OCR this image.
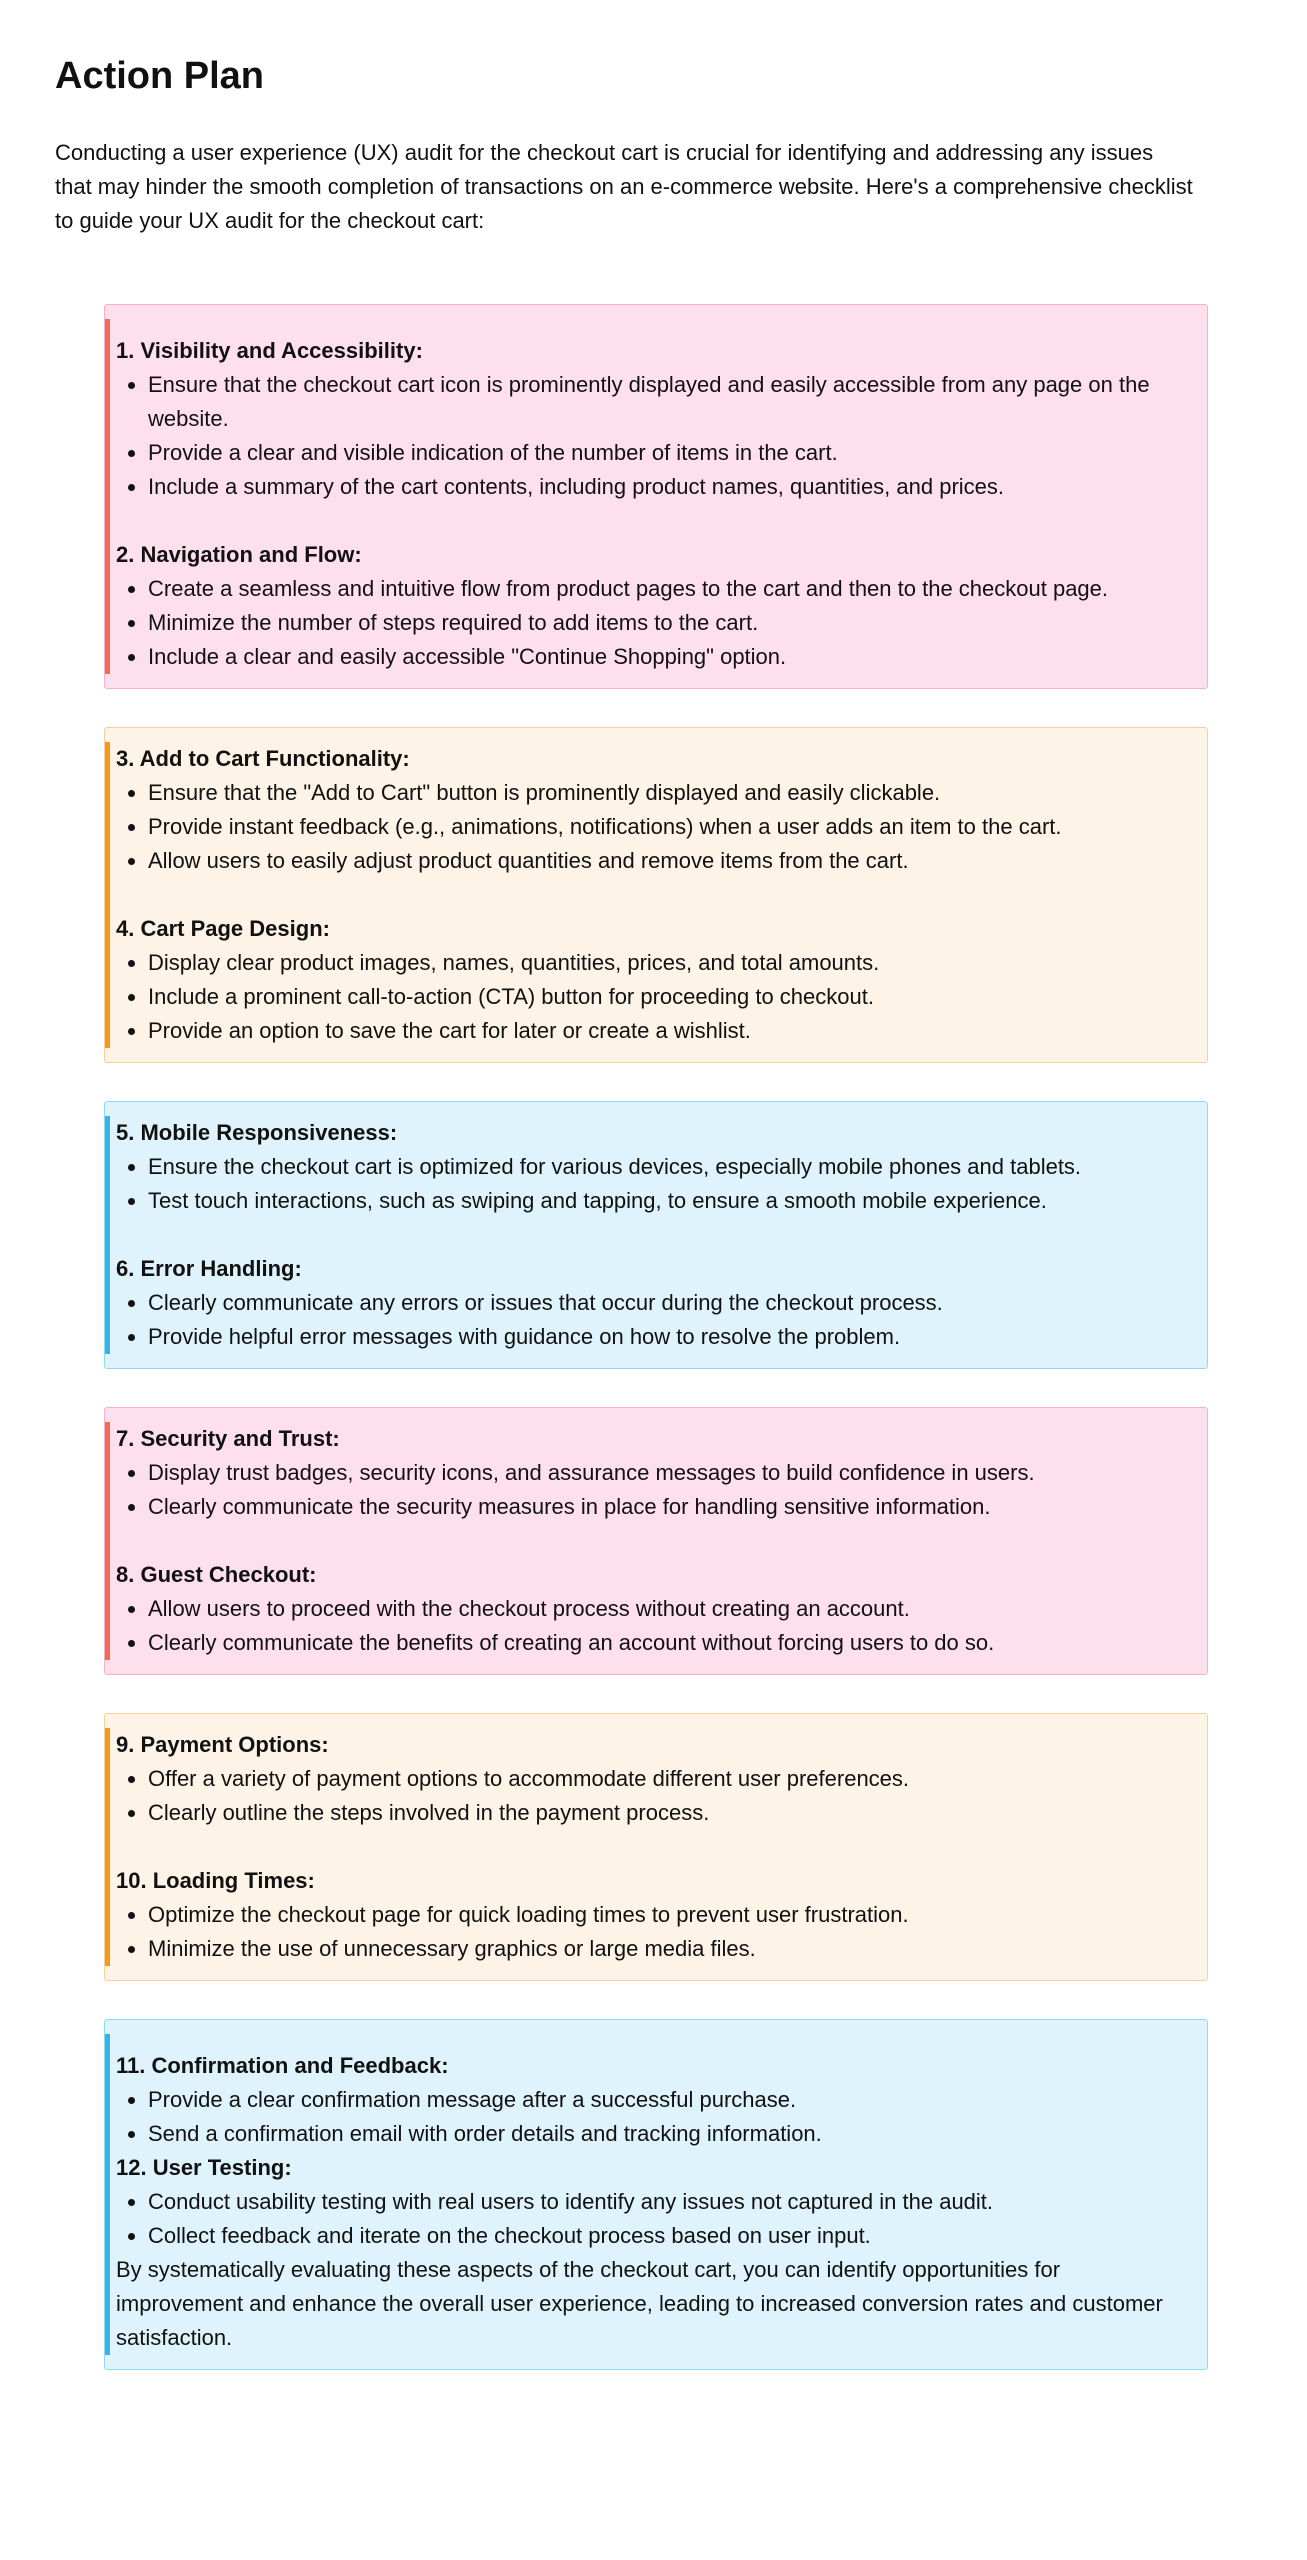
Action Plan

Conducting a user experience (UX) audit for the checkout cart is crucial for identifying and addressing any issues that may hinder the smooth completion of transactions on an e-commerce website. Here's a comprehensive checklist to guide your UX audit for the checkout cart:

1. Visibility and Accessibility:

• Ensure that the checkout cart icon is prominently displayed and easily accessible from any page on the website.
• Provide a clear and visible indication of the number of items in the cart.
• Include a summary of the cart contents, including product names, quantities, and prices.

2. Navigation and Flow:

• Create a seamless and intuitive flow from product pages to the cart and then to the checkout page.
• Minimize the number of steps required to add items to the cart.
• Include a clear and easily accessible "Continue Shopping" option.

3. Add to Cart Functionality:

• Ensure that the "Add to Cart" button is prominently displayed and easily clickable.
• Provide instant feedback (e.g., animations, notifications) when a user adds an item to the cart.
• Allow users to easily adjust product quantities and remove items from the cart.

4. Cart Page Design:

• Display clear product images, names, quantities, prices, and total amounts.
• Include a prominent call-to-action (CTA) button for proceeding to checkout.
• Provide an option to save the cart for later or create a wishlist.

5. Mobile Responsiveness:

• Ensure the checkout cart is optimized for various devices, especially mobile phones and tablets.
• Test touch interactions, such as swiping and tapping, to ensure a smooth mobile experience.

6. Error Handling:

• Clearly communicate any errors or issues that occur during the checkout process.
• Provide helpful error messages with guidance on how to resolve the problem.

7. Security and Trust:

• Display trust badges, security icons, and assurance messages to build confidence in users.
• Clearly communicate the security measures in place for handling sensitive information.

8. Guest Checkout:

• Allow users to proceed with the checkout process without creating an account.
• Clearly communicate the benefits of creating an account without forcing users to do so.

9. Payment Options:

• Offer a variety of payment options to accommodate different user preferences.
• Clearly outline the steps involved in the payment process.

10. Loading Times:

• Optimize the checkout page for quick loading times to prevent user frustration.
• Minimize the use of unnecessary graphics or large media files.

11. Confirmation and Feedback:

• Provide a clear confirmation message after a successful purchase.
• Send a confirmation email with order details and tracking information.

12. User Testing:

• Conduct usability testing with real users to identify any issues not captured in the audit.
• Collect feedback and iterate on the checkout process based on user input.

By systematically evaluating these aspects of the checkout cart, you can identify opportunities for improvement and enhance the overall user experience, leading to increased conversion rates and customer satisfaction.
